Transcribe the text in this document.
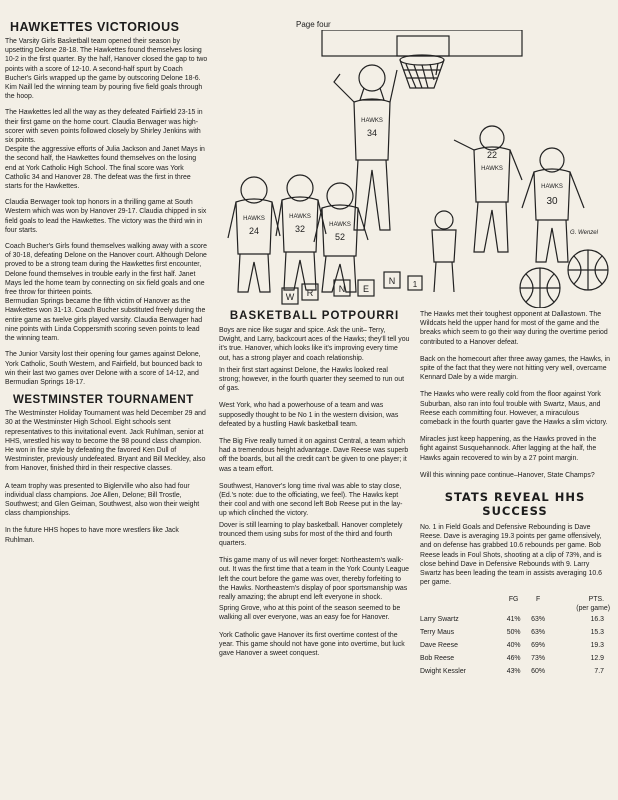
HAWKETTES VICTORIOUS

The Varsity Girls Basketball team opened their season by upsetting Delone 28-18. The Hawkettes found themselves losing 10-2 in the first quarter. By the half, Hanover closed the gap to two points with a score of 12-10. A second-half spurt by Coach Bucher's Girls wrapped up the game by outscoring Delone 18-6. Kim Naill led the winning team by pouring five field goals through the hoop.

The Hawkettes led all the way as they defeated Fairfield 23-15 in their first game on the home court. Claudia Berwager was high-scorer with seven points followed closely by Shirley Jenkins with six points.

Despite the aggressive efforts of Julia Jackson and Janet Mays in the second half, the Hawkettes found themselves on the losing end at York Catholic High School. The final score was York Catholic 34 and Hanover 28. The defeat was the first in three starts for the Hawkettes.

Claudia Berwager took top honors in a thrilling game at South Western which was won by Hanover 29-17. Claudia chipped in six field goals to lead the Hawkettes. The victory was the third win in four starts.

Coach Bucher's Girls found themselves walking away with a score of 30-18, defeating Delone on the Hanover court. Although Delone proved to be a strong team during the Hawkettes first encounter, Delone found themselves in trouble early in the first half. Janet Mays led the home team by connecting on six field goals and one free throw for thirteen points.

Bermudian Springs became the fifth victim of Hanover as the Hawkettes won 31-13. Coach Bucher substituted freely during the entire game as twelve girls played varsity. Claudia Berwager had nine points with Linda Coppersmith scoring seven points to lead the winning team.

The Junior Varsity lost their opening four games against Delone, York Catholic, South Western, and Fairfield, but bounced back to win their last two games over Delone with a score of 14-12, and Bermudian Springs 18-17.

WESTMINSTER TOURNAMENT

The Westminster Holiday Tournament was held December 29 and 30 at the Westminster High School. Eight schools sent representatives to this invitational event. Jack Ruhlman, senior at HHS, wrestled his way to become the 98 pound class champion. He won in fine style by defeating the favored Ken Dull of Westminster, previously undefeated. Bryant and Bill Meckley, also from Hanover, finished third in their respective classes.

A team trophy was presented to Biglerville who also had four individual class champions. Joe Allen, Delone; Bill Trostle, Southwest; and Glen Geiman, Southwest, also won their weight class championships.

In the future HHS hopes to have more wrestlers like Jack Ruhlman.

Page four
HAWKS
34
HAWKS
22
HAWKS
30
HAWKS
24
HAWKS
32	HAWKS
52
W R	N E
N 1
G. Wenzel
BASKETBALL POTPOURRI

Boys are nice like sugar and spice. Ask the unit– Terry, Dwight, and Larry, backcourt aces of the Hawks; they'll tell you it's true. Hanover, which looks like it's improving every time out, has a strong player and coach relationship.

In their first start against Delone, the Hawks looked real strong; however, in the fourth quarter they seemed to run out of gas.

West York, who had a powerhouse of a team and was supposedly thought to be No 1 in the western division, was defeated by a hustling Hawk basketball team.

The Big Five really turned it on against Central, a team which had a tremendous height advantage. Dave Reese was superb off the boards, but all the credit can't be given to one player; it was a team effort.

Southwest, Hanover's long time rival was able to stay close, (Ed.'s note: due to the officiating, we feel). The Hawks kept their cool and with one second left Bob Reese put in the lay-up which clinched the victory.

Dover is still learning to play basketball. Hanover completely trounced them using subs for most of the third and fourth quarters.

This game many of us will never forget: Northeastern's walk-out. It was the first time that a team in the York County League left the court before the game was over, thereby forfeiting to the Hawks. Northeastern's display of poor sportsmanship was really amazing; the abrupt end left everyone in shock.

Spring Grove, who at this point of the season seemed to be walking all over everyone, was an easy foe for Hanover.

York Catholic gave Hanover its first overtime contest of the year. This game should not have gone into overtime, but luck gave Hanover a sweet conquest.

The Hawks met their toughest opponent at Dallastown. The Wildcats held the upper hand for most of the game and the breaks which seem to go their way during the overtime period contributed to a Hanover defeat.

Back on the homecourt after three away games, the Hawks, in spite of the fact that they were not hitting very well, overcame Kennard Dale by a wide margin.

The Hawks who were really cold from the floor against York Suburban, also ran into foul trouble with Swartz, Maus, and Reese each committing four. However, a miraculous comeback in the fourth quarter gave the Hawks a slim victory.

Miracles just keep happening, as the Hawks proved in the fight against Susquehannock. After lagging at the half, the Hawks again recovered to win by a 27 point margin.

Will this winning pace continue–Hanover, State Champs?

STATS REVEAL HHS SUCCESS

No. 1 in Field Goals and Defensive Rebounding is Dave Reese. Dave is averaging 19.3 points per game offensively, and on defense has grabbed 10.6 rebounds per game. Bob Reese leads in Foul Shots, shooting at a clip of 73%, and is close behind Dave in Defensive Rebounds with 9. Larry Swartz has been leading the team in assists averaging 10.6 per game.

	FG	F	PTS.
			(per game)
Larry Swartz	41%	63%	16.3
Terry Maus	50%	63%	15.3
Dave Reese	40%	69%	19.3
Bob Reese	46%	73%	12.9
Dwight Kessler	43%	60%	7.7
